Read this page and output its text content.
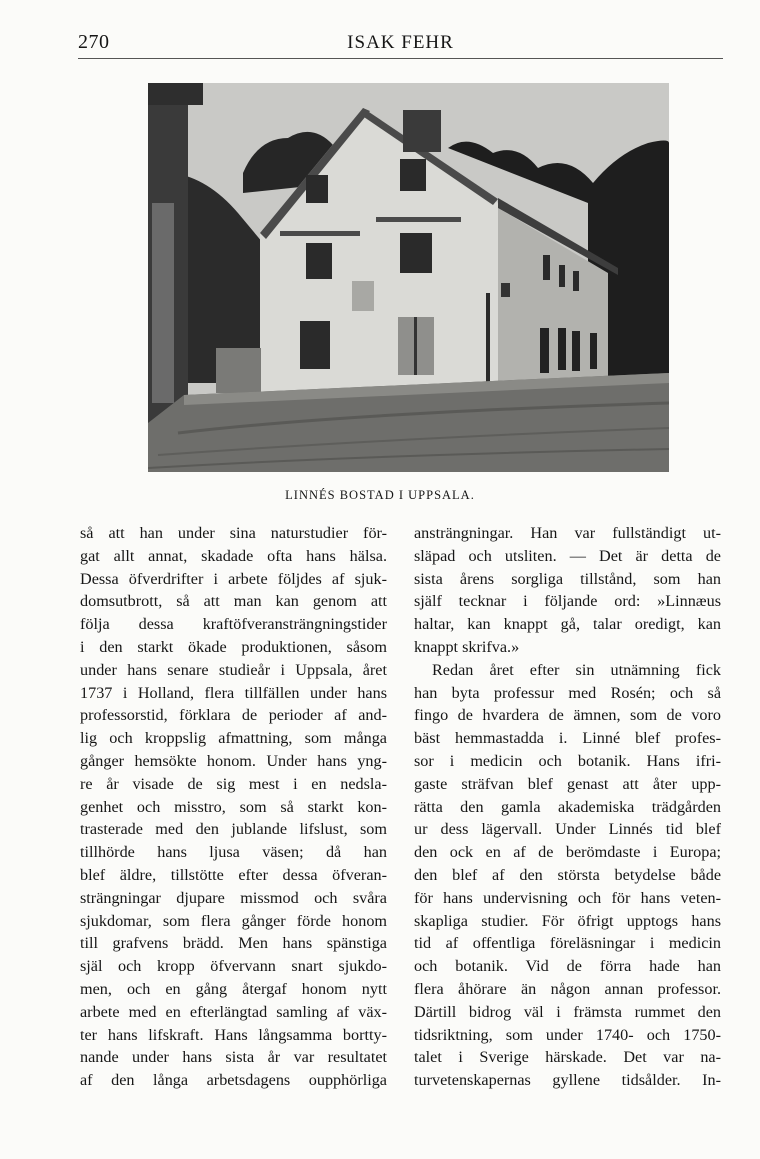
270	ISAK FEHR
LINNÉS BOSTAD I UPPSALA.
så att han under sina naturstudier för-
gat allt annat, skadade ofta hans hälsa.
Dessa öfverdrifter i arbete följdes af sjuk-
domsutbrott, så att man kan genom att
följa dessa kraftöfveransträngningstider
i den starkt ökade produktionen, såsom
under hans senare studieår i Uppsala, året
1737 i Holland, flera tillfällen under hans
professorstid, förklara de perioder af and-
lig och kroppslig afmattning, som många
gånger hemsökte honom. Under hans yng-
re år visade de sig mest i en nedsla-
genhet och misstro, som så starkt kon-
trasterade med den jublande lifslust, som
tillhörde hans ljusa väsen; då han
blef äldre, tillstötte efter dessa öfveran-
strängningar djupare missmod och svåra
sjukdomar, som flera gånger förde honom
till grafvens brädd. Men hans spänstiga
själ och kropp öfvervann snart sjukdo-
men, och en gång återgaf honom nytt
arbete med en efterlängtad samling af väx-
ter hans lifskraft. Hans långsamma bortty-
nande under hans sista år var resultatet
af den långa arbetsdagens oupphörliga
ansträngningar. Han var fullständigt ut-
släpad och utsliten. — Det är detta de
sista årens sorgliga tillstånd, som han
själf tecknar i följande ord: »Linnæus
haltar, kan knappt gå, talar oredigt, kan
knappt skrifva.»
Redan året efter sin utnämning fick
han byta professur med Rosén; och så
fingo de hvardera de ämnen, som de voro
bäst hemmastadda i. Linné blef profes-
sor i medicin och botanik. Hans ifri-
gaste sträfvan blef genast att åter upp-
rätta den gamla akademiska trädgården
ur dess lägervall. Under Linnés tid blef
den ock en af de berömdaste i Europa;
den blef af den största betydelse både
för hans undervisning och för hans veten-
skapliga studier. För öfrigt upptogs hans
tid af offentliga föreläsningar i medicin
och botanik. Vid de förra hade han
flera åhörare än någon annan professor.
Därtill bidrog väl i främsta rummet den
tidsriktning, som under 1740- och 1750-
talet i Sverige härskade. Det var na-
turvetenskapernas gyllene tidsålder. In-
